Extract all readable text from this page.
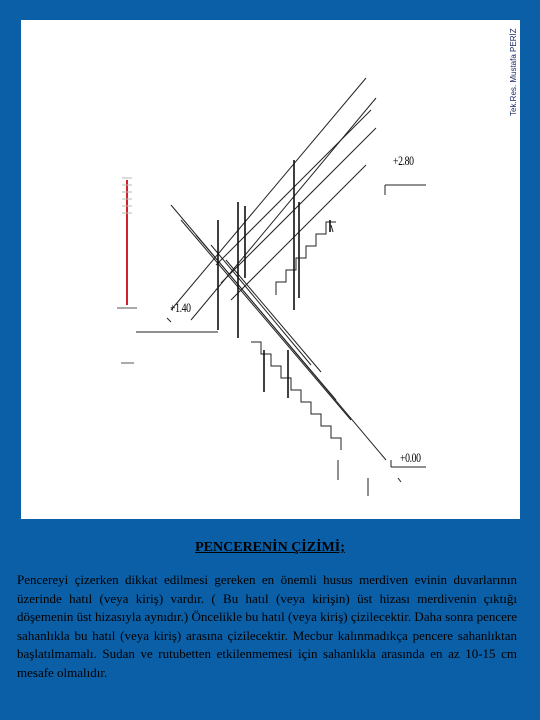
Tek.Res. Mustafa PERİZ
+2.80
+1.40
+0.00
PENCERENİN ÇİZİMİ;

Pencereyi çizerken dikkat edilmesi gereken en önemli husus merdiven evinin duvarlarının üzerinde hatıl (veya kiriş) vardır. ( Bu hatıl (veya kirişin) üst hizası merdivenin çıktığı döşemenin üst hizasıyla aynıdır.) Öncelikle bu hatıl (veya kiriş) çizilecektir. Daha sonra pencere sahanlıkla bu hatıl (veya kiriş) arasına çizilecektir. Mecbur kalınmadıkça pencere sahanlıktan başlatılmamalı. Sudan ve rutubetten etkilenmemesi için sahanlıkla arasında en az 10-15 cm mesafe olmalıdır.
